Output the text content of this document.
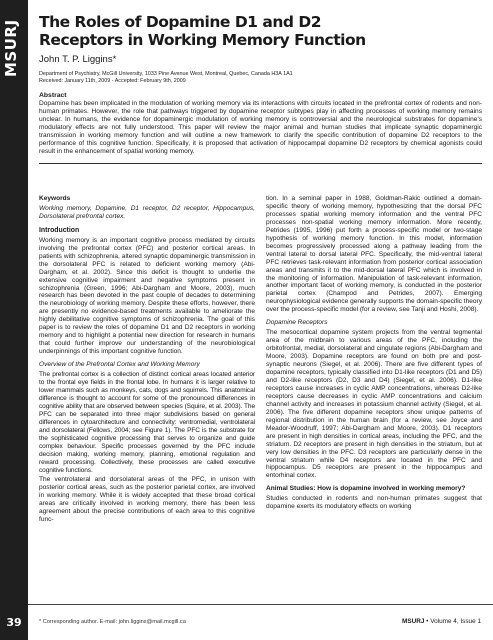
MSURJ
39
The Roles of Dopamine D1 and D2 Receptors in Working Memory Function
John T. P. Liggins*
Department of Psychiatry, McGill University, 1033 Pine Avenue West, Montreal, Quebec, Canada H3A 1A1
Received: January 11th, 2009 - Accepted: February 9th, 2009
Abstract

Dopamine has been implicated in the modulation of working memory via its interactions with circuits located in the prefrontal cortex of rodents and non-human primates. However, the role that pathways triggered by dopamine receptor subtypes play in affecting processes of working memory remains unclear. In humans, the evidence for dopaminergic modulation of working memory is controversial and the neurological substrates for dopamine's modulatory effects are not fully understood. This paper will review the major animal and human studies that implicate synaptic dopaminergic transmission in working memory function and will outline a new framework to clarify the specific contribution of dopamine D2 receptors to the performance of this cognitive function. Specifically, it is proposed that activation of hippocampal dopamine D2 receptors by chemical agonists could result in the enhancement of spatial working memory.

Keywords

Working memory, Dopamine, D1 receptor, D2 receptor, Hippocampus, Dorsolateral prefrontal cortex.

Introduction

Working memory is an important cognitive process mediated by circuits involving the prefrontal cortex (PFC) and posterior cortical areas. In patients with schizophrenia, altered synaptic dopaminergic transmission in the dorsolateral PFC is related to deficient working memory (Abi-Dargham, et al. 2002). Since this deficit is thought to underlie the extensive cognitive impairment and negative symptoms present in schizophrenia (Green, 1996; Abi-Dargham and Moore, 2003), much research has been devoted in the past couple of decades to determining the neurobiology of working memory. Despite these efforts, however, there are presently no evidence-based treatments available to ameliorate the highly debilitative cognitive symptoms of schizophrenia. The goal of this paper is to review the roles of dopamine D1 and D2 receptors in working memory and to highlight a potential new direction for research in humans that could further improve our understanding of the neurobiological underpinnings of this important cognitive function.

Overview of the Prefrontal Cortex and Working Memory

The prefrontal cortex is a collection of distinct cortical areas located anterior to the frontal eye fields in the frontal lobe. In humans it is larger relative to lower mammals such as monkeys, cats, dogs and squirrels. This anatomical difference is thought to account for some of the pronounced differences in cognitive ability that are observed between species (Squire, et al. 2003). The PFC can be separated into three major subdivisions based on general differences in cytoarchitecture and connectivity: ventromedial, ventrolateral and dorsolateral (Fellows, 2004; see Figure 1). The PFC is the substrate for the sophisticated cognitive processing that serves to organize and guide complex behaviour. Specific processes governed by the PFC include decision making, working memory, planning, emotional regulation and reward processing. Collectively, these processes are called executive cognitive functions.

The ventrolateral and dorsolateral areas of the PFC, in unison with posterior cortical areas, such as the posterior parietal cortex, are involved in working memory. While it is widely accepted that these broad cortical areas are critically involved in working memory, there has been less agreement about the precise contributions of each area to this cognitive func-

tion. In a seminal paper in 1988, Goldman-Rakic outlined a domain-specific theory of working memory, hypothesizing that the dorsal PFC processes spatial working memory information and the ventral PFC processes non-spatial working memory information. More recently, Petrides (1995, 1996) put forth a process-specific model or two-stage hypothesis of working memory function. In this model, information becomes progressively processed along a pathway leading from the ventral lateral to dorsal lateral PFC. Specifically, the mid-ventral lateral PFC retrieves task-relevant information from posterior cortical association areas and transmits it to the mid-dorsal lateral PFC which is involved in the monitoring of information. Manipulation of task-relevant information, another important facet of working memory, is conducted in the posterior parietal cortex (Champod and Petrides, 2007). Emerging neurophysiological evidence generally supports the domain-specific theory over the process-specific model (for a review, see Tanji and Hoshi, 2008).

Dopamine Receptors

The mesocortical dopamine system projects from the ventral tegmental area of the midbrain to various areas of the PFC, including the orbitofrontal, medial, dorsolateral and cingulate regions (Abi-Dargham and Moore, 2003). Dopamine receptors are found on both pre and post-synaptic neurons (Siegel, et al. 2006). There are five different types of dopamine receptors, typically classified into D1-like receptors (D1 and D5) and D2-like receptors (D2, D3 and D4) (Siegel, et al. 2006). D1-like receptors cause increases in cyclic AMP concentrations, whereas D2-like receptors cause decreases in cyclic AMP concentrations and calcium channel activity and increases in potassium channel activity (Siegel, et al. 2006). The five different dopamine receptors show unique patterns of regional distribution in the human brain (for a review, see Joyce and Meador-Woodruff, 1997; Abi-Dargham and Moore, 2003). D1 receptors are present in high densities in cortical areas, including the PFC, and the striatum. D2 receptors are present in high densities in the striatum, but at very low densities in the PFC. D3 receptors are particularly dense in the ventral striatum while D4 receptors are located in the PFC and hippocampus. D5 receptors are present in the hippocampus and entorhinal cortex.

Animal Studies: How is dopamine involved in working memory?

Studies conducted in rodents and non-human primates suggest that dopamine exerts its modulatory effects on working

* Corresponding author. E-mail: john.liggins@mail.mcgill.ca	MSURJ • Volume 4, Issue 1
